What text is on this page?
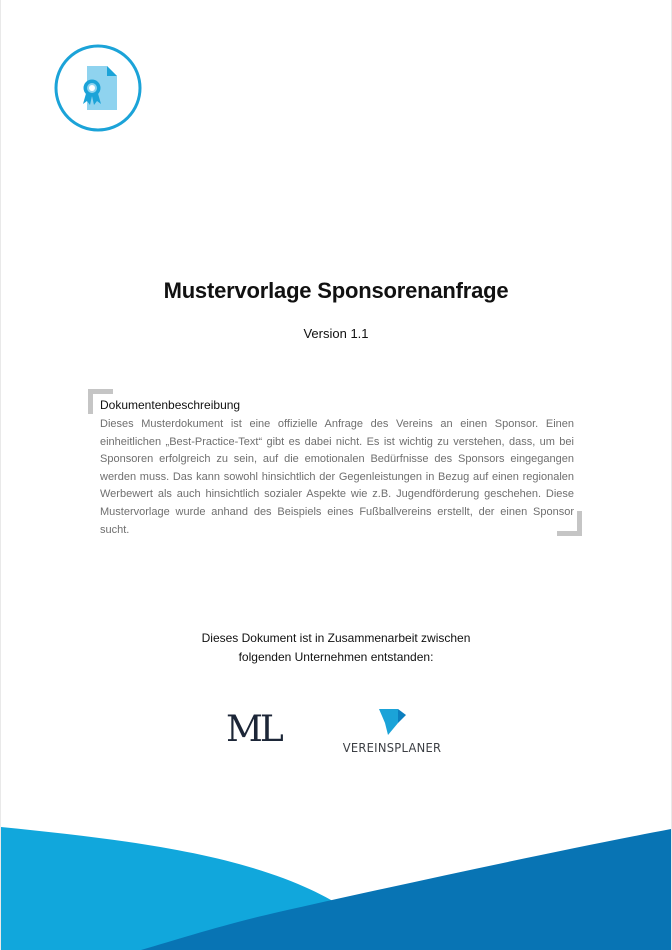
Mustervorlage Sponsorenanfrage
Version 1.1
Dokumentenbeschreibung
Dieses Musterdokument ist eine offizielle Anfrage des Vereins an einen Sponsor. Einen einheitlichen „Best-Practice-Text“ gibt es dabei nicht. Es ist wichtig zu verstehen, dass, um bei Sponsoren erfolgreich zu sein, auf die emotionalen Bedürfnisse des Sponsors eingegangen werden muss. Das kann sowohl hinsichtlich der Gegenleistungen in Bezug auf einen regionalen Werbewert als auch hinsichtlich sozialer Aspekte wie z.B. Jugendförderung geschehen. Diese Mustervorlage wurde anhand des Beispiels eines Fußballvereins erstellt, der einen Sponsor sucht.
Dieses Dokument ist in Zusammenarbeit zwischen
folgenden Unternehmen entstanden:
ML	VEREINSPLANER
